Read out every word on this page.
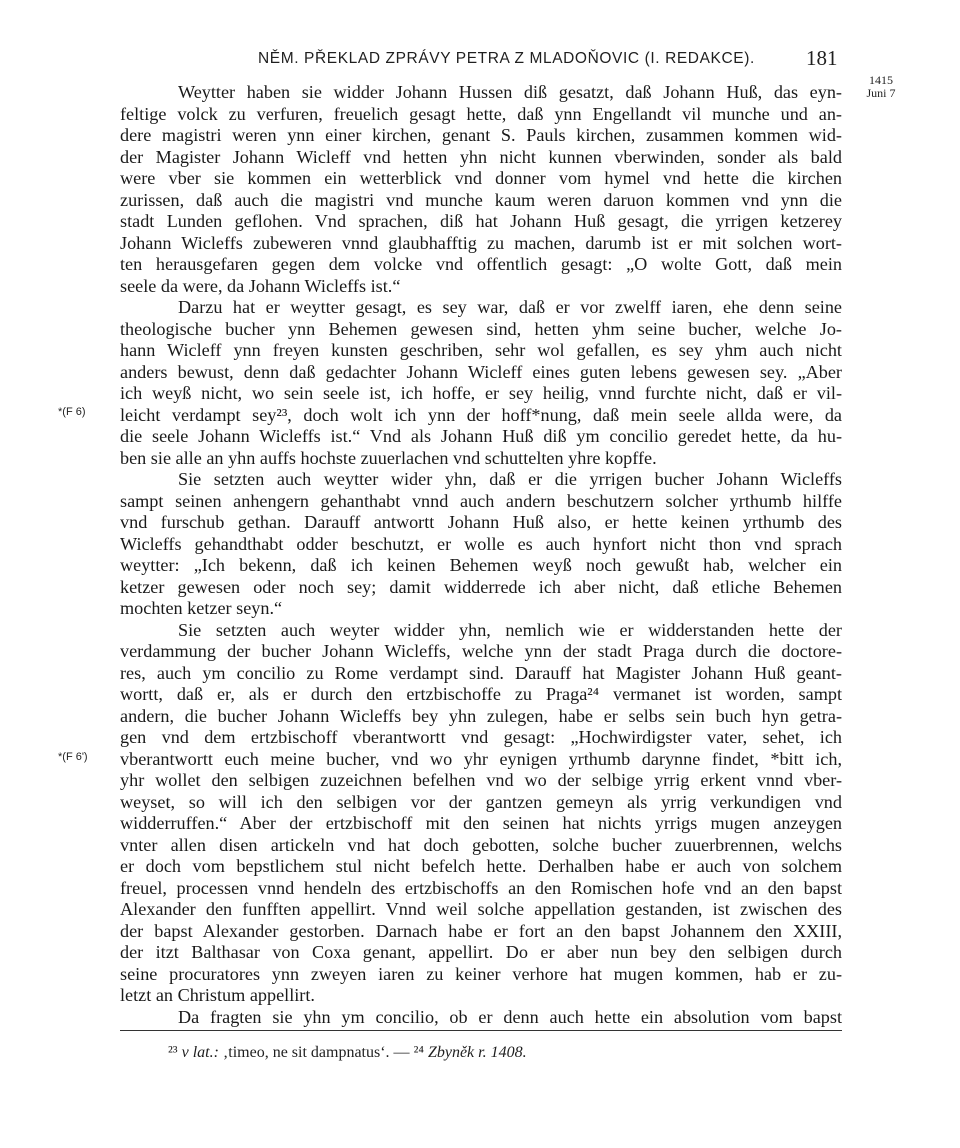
NĚM. PŘEKLAD ZPRÁVY PETRA Z MLADOŇOVIC (I. REDAKCE). 181
1415
Juni 7
*(F 6)
*(F 6')
Weytter haben sie widder Johann Hussen diß gesatzt, daß Johann Huß, das eyn-
feltige volck zu verfuren, freuelich gesagt hette, daß ynn Engellandt vil munche und an-
dere magistri weren ynn einer kirchen, genant S. Pauls kirchen, zusammen kommen wid-
der Magister Johann Wicleff vnd hetten yhn nicht kunnen vberwinden, sonder als bald
were vber sie kommen ein wetterblick vnd donner vom hymel vnd hette die kirchen
zurissen, daß auch die magistri vnd munche kaum weren daruon kommen vnd ynn die
stadt Lunden geflohen. Vnd sprachen, diß hat Johann Huß gesagt, die yrrigen ketzerey
Johann Wicleffs zubeweren vnnd glaubhafftig zu machen, darumb ist er mit solchen wort-
ten herausgefaren gegen dem volcke vnd offentlich gesagt: „O wolte Gott, daß mein
seele da were, da Johann Wicleffs ist.“
Darzu hat er weytter gesagt, es sey war, daß er vor zwelff iaren, ehe denn seine
theologische bucher ynn Behemen gewesen sind, hetten yhm seine bucher, welche Jo-
hann Wicleff ynn freyen kunsten geschriben, sehr wol gefallen, es sey yhm auch nicht
anders bewust, denn daß gedachter Johann Wicleff eines guten lebens gewesen sey. „Aber
ich weyß nicht, wo sein seele ist, ich hoffe, er sey heilig, vnnd furchte nicht, daß er vil-
leicht verdampt sey²³, doch wolt ich ynn der hoff*nung, daß mein seele allda were, da
die seele Johann Wicleffs ist.“ Vnd als Johann Huß diß ym concilio geredet hette, da hu-
ben sie alle an yhn auffs hochste zuuerlachen vnd schuttelten yhre kopffe.
Sie setzten auch weytter wider yhn, daß er die yrrigen bucher Johann Wicleffs
sampt seinen anhengern gehanthabt vnnd auch andern beschutzern solcher yrthumb hilffe
vnd furschub gethan. Darauff antwortt Johann Huß also, er hette keinen yrthumb des
Wicleffs gehandthabt odder beschutzt, er wolle es auch hynfort nicht thon vnd sprach
weytter: „Ich bekenn, daß ich keinen Behemen weyß noch gewußt hab, welcher ein
ketzer gewesen oder noch sey; damit widderrede ich aber nicht, daß etliche Behemen
mochten ketzer seyn.“
Sie setzten auch weyter widder yhn, nemlich wie er widderstanden hette der
verdammung der bucher Johann Wicleffs, welche ynn der stadt Praga durch die doctore-
res, auch ym concilio zu Rome verdampt sind. Darauff hat Magister Johann Huß geant-
wortt, daß er, als er durch den ertzbischoffe zu Praga²⁴ vermanet ist worden, sampt
andern, die bucher Johann Wicleffs bey yhn zulegen, habe er selbs sein buch hyn getra-
gen vnd dem ertzbischoff vberantwortt vnd gesagt: „Hochwirdigster vater, sehet, ich
vberantwortt euch meine bucher, vnd wo yhr eynigen yrthumb darynne findet, *bitt ich,
yhr wollet den selbigen zuzeichnen befelhen vnd wo der selbige yrrig erkent vnnd vber-
weyset, so will ich den selbigen vor der gantzen gemeyn als yrrig verkundigen vnd
widderruffen.“ Aber der ertzbischoff mit den seinen hat nichts yrrigs mugen anzeygen
vnter allen disen artickeln vnd hat doch gebotten, solche bucher zuuerbrennen, welchs
er doch vom bepstlichem stul nicht befelch hette. Derhalben habe er auch von solchem
freuel, processen vnnd hendeln des ertzbischoffs an den Romischen hofe vnd an den bapst
Alexander den funfften appellirt. Vnnd weil solche appellation gestanden, ist zwischen des
der bapst Alexander gestorben. Darnach habe er fort an den bapst Johannem den XXIII,
der itzt Balthasar von Coxa genant, appellirt. Do er aber nun bey den selbigen durch
seine procuratores ynn zweyen iaren zu keiner verhore hat mugen kommen, hab er zu-
letzt an Christum appellirt.
Da fragten sie yhn ym concilio, ob er denn auch hette ein absolution vom bapst
²³ v lat.: ‚timeo, ne sit dampnatus‘. — ²⁴ Zbyněk r. 1408.
